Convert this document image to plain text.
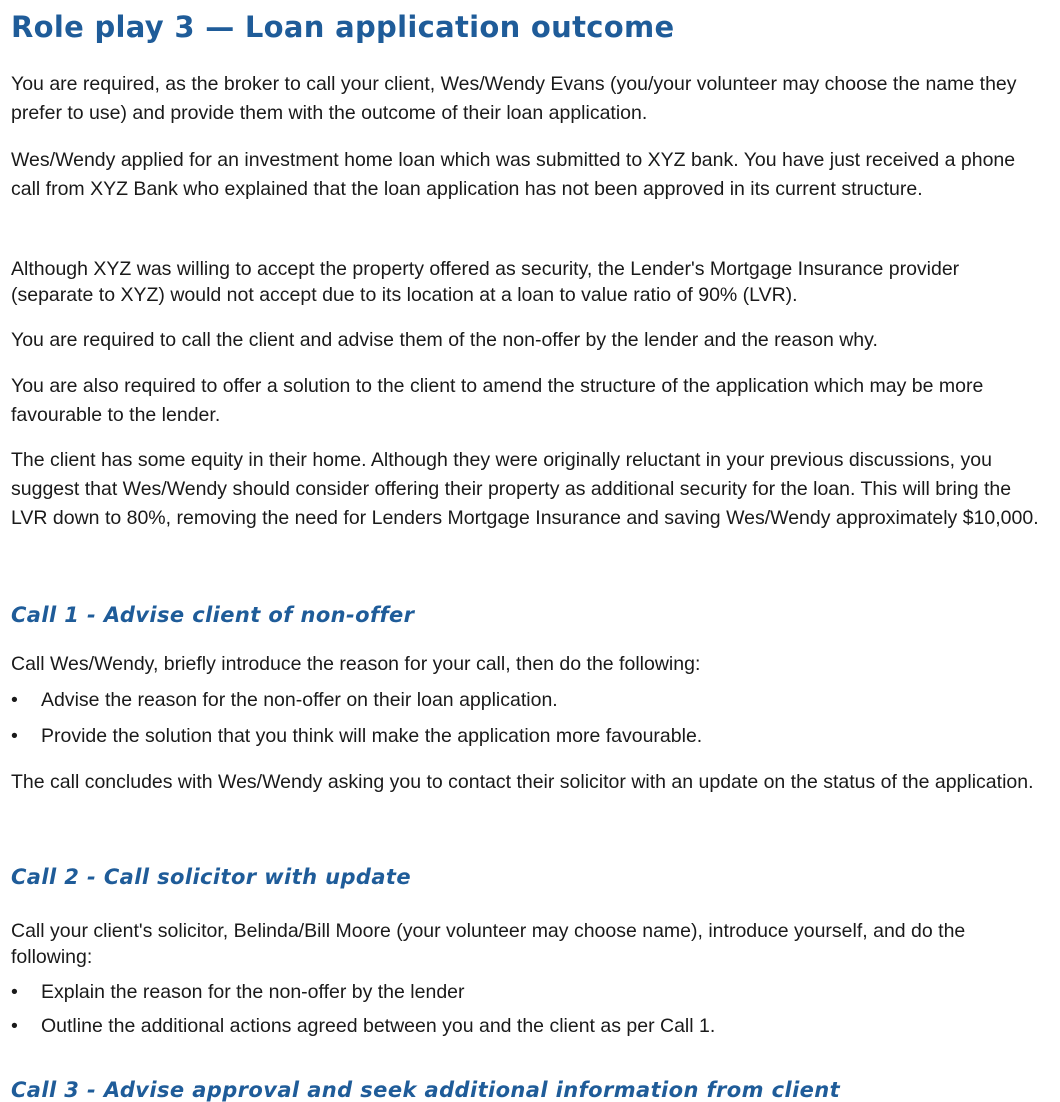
Role play 3 — Loan application outcome

You are required, as the broker to call your client, Wes/Wendy Evans (you/your volunteer may choose the name they prefer to use) and provide them with the outcome of their loan application.

Wes/Wendy applied for an investment home loan which was submitted to XYZ bank. You have just received a phone call from XYZ Bank who explained that the loan application has not been approved in its current structure.

Although XYZ was willing to accept the property offered as security, the Lender's Mortgage Insurance provider (separate to XYZ) would not accept due to its location at a loan to value ratio of 90% (LVR).

You are required to call the client and advise them of the non-offer by the lender and the reason why.

You are also required to offer a solution to the client to amend the structure of the application which may be more favourable to the lender.

The client has some equity in their home. Although they were originally reluctant in your previous discussions, you suggest that Wes/Wendy should consider offering their property as additional security for the loan. This will bring the LVR down to 80%, removing the need for Lenders Mortgage Insurance and saving Wes/Wendy approximately $10,000.

Call 1 - Advise client of non-offer

Call Wes/Wendy, briefly introduce the reason for your call, then do the following:

•	Advise the reason for the non-offer on their loan application.
•	Provide the solution that you think will make the application more favourable.

The call concludes with Wes/Wendy asking you to contact their solicitor with an update on the status of the application.

Call 2 - Call solicitor with update

Call your client's solicitor, Belinda/Bill Moore (your volunteer may choose name), introduce yourself, and do the following:

•	Explain the reason for the non-offer by the lender
•	Outline the additional actions agreed between you and the client as per Call 1.
Call 3 - Advise approval and seek additional information from client
